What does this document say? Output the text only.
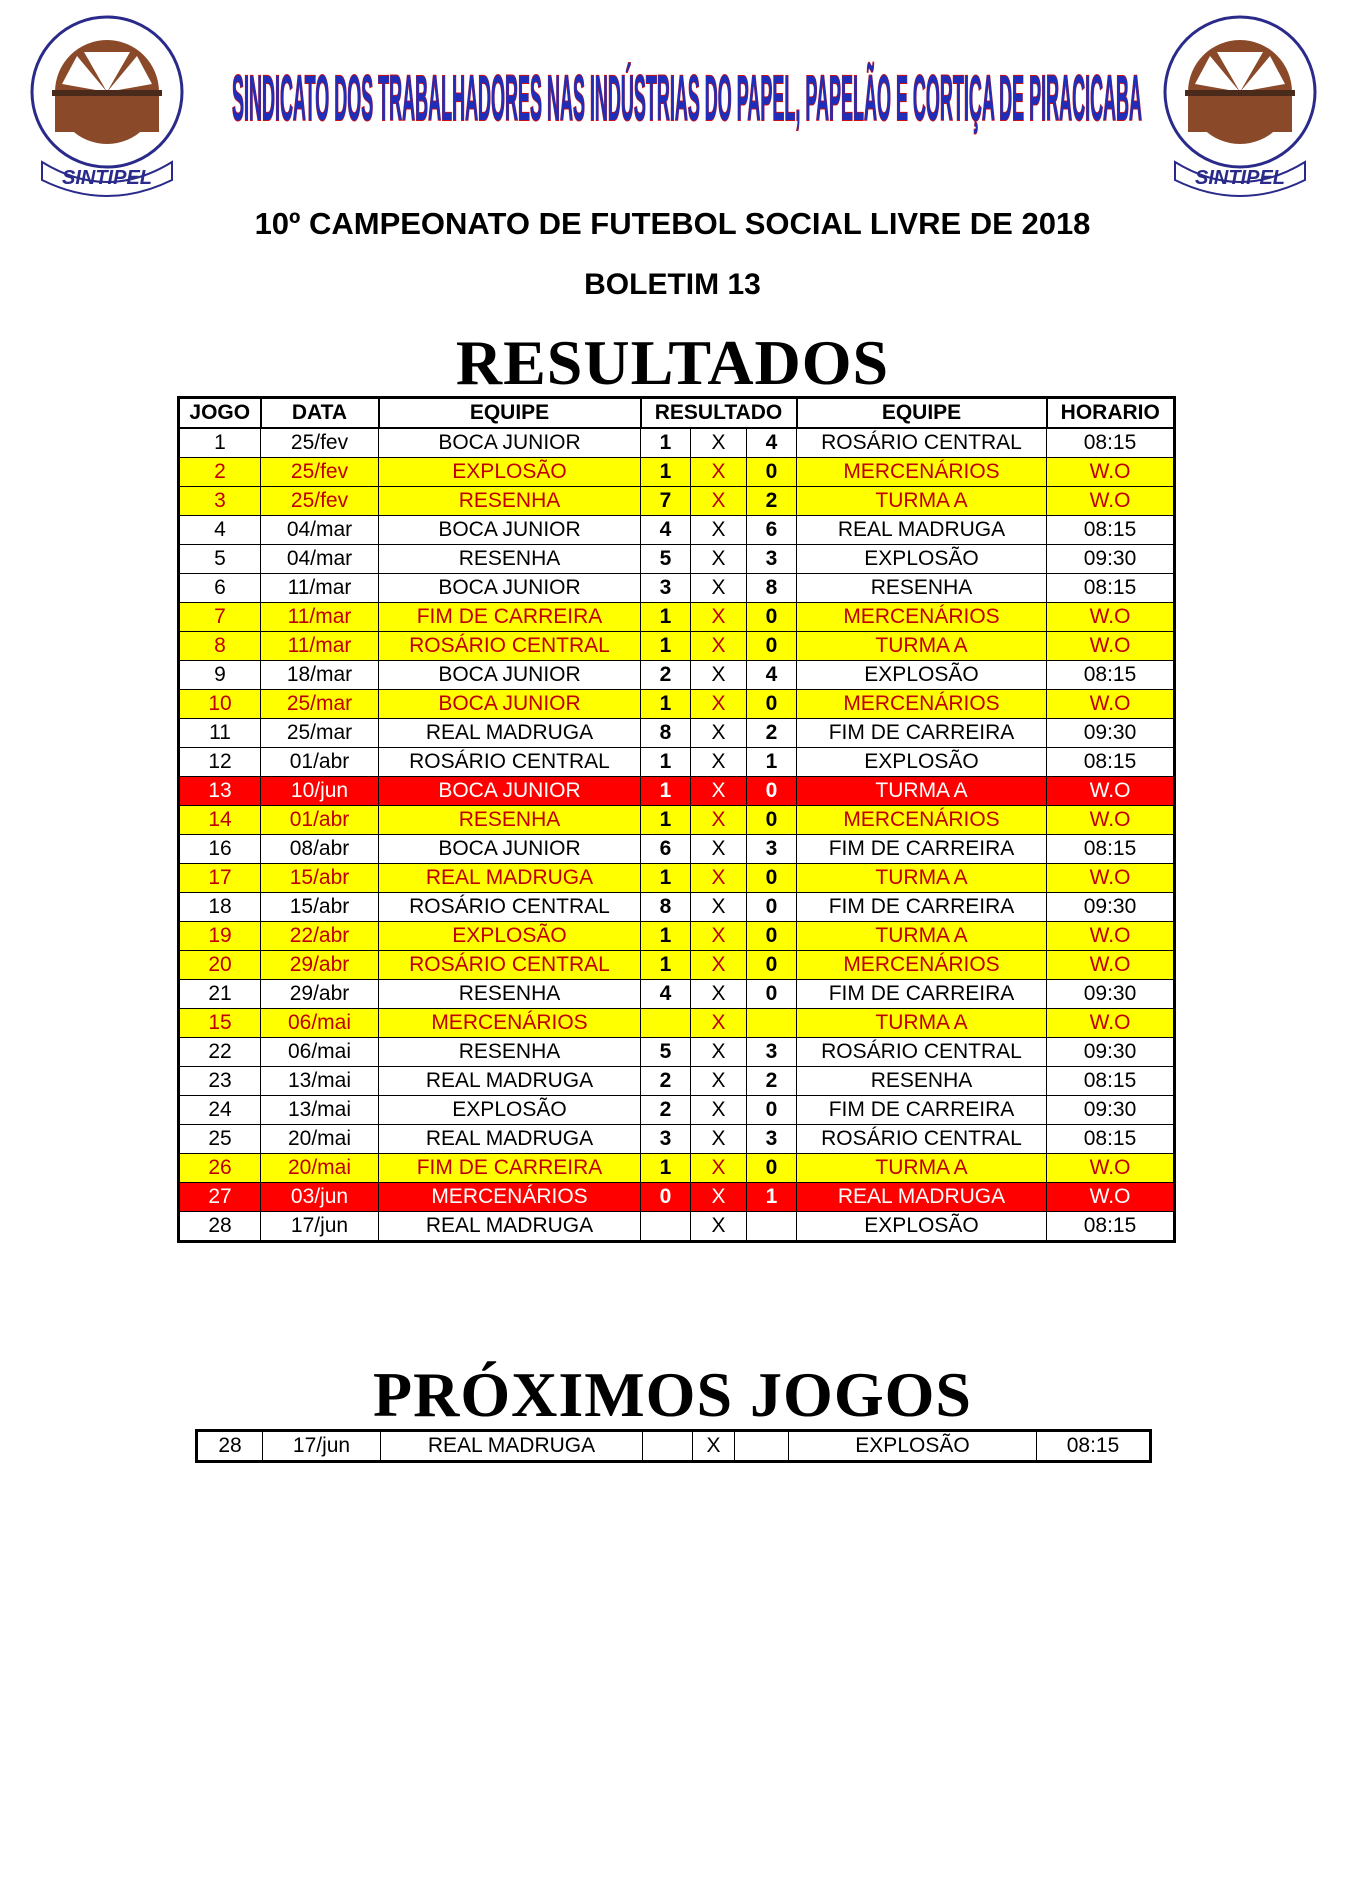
SINTIPEL
SINDICATO DOS TRABALHADORES NAS INDÚSTRIAS DO PAPEL, PAPELÃO E CORTIÇA DE PIRACICABA
SINTIPEL
10º CAMPEONATO DE FUTEBOL SOCIAL LIVRE DE 2018
BOLETIM 13
RESULTADOS
JOGO	DATA	EQUIPE	RESULTADO			EQUIPE	HORARIO
1	25/fev	BOCA JUNIOR	1	X	4	ROSÁRIO CENTRAL	08:15
2	25/fev	EXPLOSÃO	1	X	0	MERCENÁRIOS	W.O
3	25/fev	RESENHA	7	X	2	TURMA A	W.O
4	04/mar	BOCA JUNIOR	4	X	6	REAL MADRUGA	08:15
5	04/mar	RESENHA	5	X	3	EXPLOSÃO	09:30
6	11/mar	BOCA JUNIOR	3	X	8	RESENHA	08:15
7	11/mar	FIM DE CARREIRA	1	X	0	MERCENÁRIOS	W.O
8	11/mar	ROSÁRIO CENTRAL	1	X	0	TURMA A	W.O
9	18/mar	BOCA JUNIOR	2	X	4	EXPLOSÃO	08:15
10	25/mar	BOCA JUNIOR	1	X	0	MERCENÁRIOS	W.O
11	25/mar	REAL MADRUGA	8	X	2	FIM DE CARREIRA	09:30
12	01/abr	ROSÁRIO CENTRAL	1	X	1	EXPLOSÃO	08:15
13	10/jun	BOCA JUNIOR	1	X	0	TURMA A	W.O
14	01/abr	RESENHA	1	X	0	MERCENÁRIOS	W.O
16	08/abr	BOCA JUNIOR	6	X	3	FIM DE CARREIRA	08:15
17	15/abr	REAL MADRUGA	1	X	0	TURMA A	W.O
18	15/abr	ROSÁRIO CENTRAL	8	X	0	FIM DE CARREIRA	09:30
19	22/abr	EXPLOSÃO	1	X	0	TURMA A	W.O
20	29/abr	ROSÁRIO CENTRAL	1	X	0	MERCENÁRIOS	W.O
21	29/abr	RESENHA	4	X	0	FIM DE CARREIRA	09:30
15	06/mai	MERCENÁRIOS		X		TURMA A	W.O
22	06/mai	RESENHA	5	X	3	ROSÁRIO CENTRAL	09:30
23	13/mai	REAL MADRUGA	2	X	2	RESENHA	08:15
24	13/mai	EXPLOSÃO	2	X	0	FIM DE CARREIRA	09:30
25	20/mai	REAL MADRUGA	3	X	3	ROSÁRIO CENTRAL	08:15
26	20/mai	FIM DE CARREIRA	1	X	0	TURMA A	W.O
27	03/jun	MERCENÁRIOS	0	X	1	REAL MADRUGA	W.O
28	17/jun	REAL MADRUGA		X		EXPLOSÃO	08:15
PRÓXIMOS JOGOS
28	17/jun	REAL MADRUGA		X		EXPLOSÃO	08:15
